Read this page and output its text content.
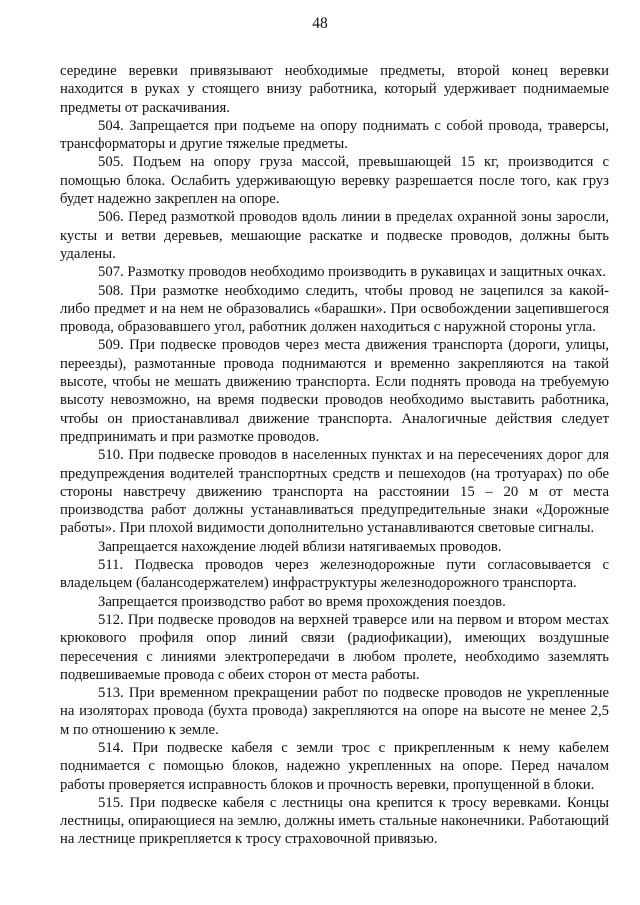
48

середине веревки привязывают необходимые предметы, второй конец веревки находится в руках у стоящего внизу работника, который удерживает поднимаемые предметы от раскачивания.

504. Запрещается при подъеме на опору поднимать с собой провода, траверсы, трансформаторы и другие тяжелые предметы.

505. Подъем на опору груза массой, превышающей 15 кг, производится с помощью блока. Ослабить удерживающую веревку разрешается после того, как груз будет надежно закреплен на опоре.

506. Перед размоткой проводов вдоль линии в пределах охранной зоны заросли, кусты и ветви деревьев, мешающие раскатке и подвеске проводов, должны быть удалены.

507. Размотку проводов необходимо производить в рукавицах и защитных очках.

508. При размотке необходимо следить, чтобы провод не зацепился за какой-либо предмет и на нем не образовались «барашки». При освобождении зацепившегося провода, образовавшего угол, работник должен находиться с наружной стороны угла.

509. При подвеске проводов через места движения транспорта (дороги, улицы, переезды), размотанные провода поднимаются и временно закрепляются на такой высоте, чтобы не мешать движению транспорта. Если поднять провода на требуемую высоту невозможно, на время подвески проводов необходимо выставить работника, чтобы он приостанавливал движение транспорта. Аналогичные действия следует предпринимать и при размотке проводов.

510. При подвеске проводов в населенных пунктах и на пересечениях дорог для предупреждения водителей транспортных средств и пешеходов (на тротуарах) по обе стороны навстречу движению транспорта на расстоянии 15 – 20 м от места производства работ должны устанавливаться предупредительные знаки «Дорожные работы». При плохой видимости дополнительно устанавливаются световые сигналы.

Запрещается нахождение людей вблизи натягиваемых проводов.

511. Подвеска проводов через железнодорожные пути согласовывается с владельцем (балансодержателем) инфраструктуры железнодорожного транспорта.

Запрещается производство работ во время прохождения поездов.

512. При подвеске проводов на верхней траверсе или на первом и втором местах крюкового профиля опор линий связи (радиофикации), имеющих воздушные пересечения с линиями электропередачи в любом пролете, необходимо заземлять подвешиваемые провода с обеих сторон от места работы.

513. При временном прекращении работ по подвеске проводов не укрепленные на изоляторах провода (бухта провода) закрепляются на опоре на высоте не менее 2,5 м по отношению к земле.

514. При подвеске кабеля с земли трос с прикрепленным к нему кабелем поднимается с помощью блоков, надежно укрепленных на опоре. Перед началом работы проверяется исправность блоков и прочность веревки, пропущенной в блоки.

515. При подвеске кабеля с лестницы она крепится к тросу веревками. Концы лестницы, опирающиеся на землю, должны иметь стальные наконечники. Работающий на лестнице прикрепляется к тросу страховочной привязью.
